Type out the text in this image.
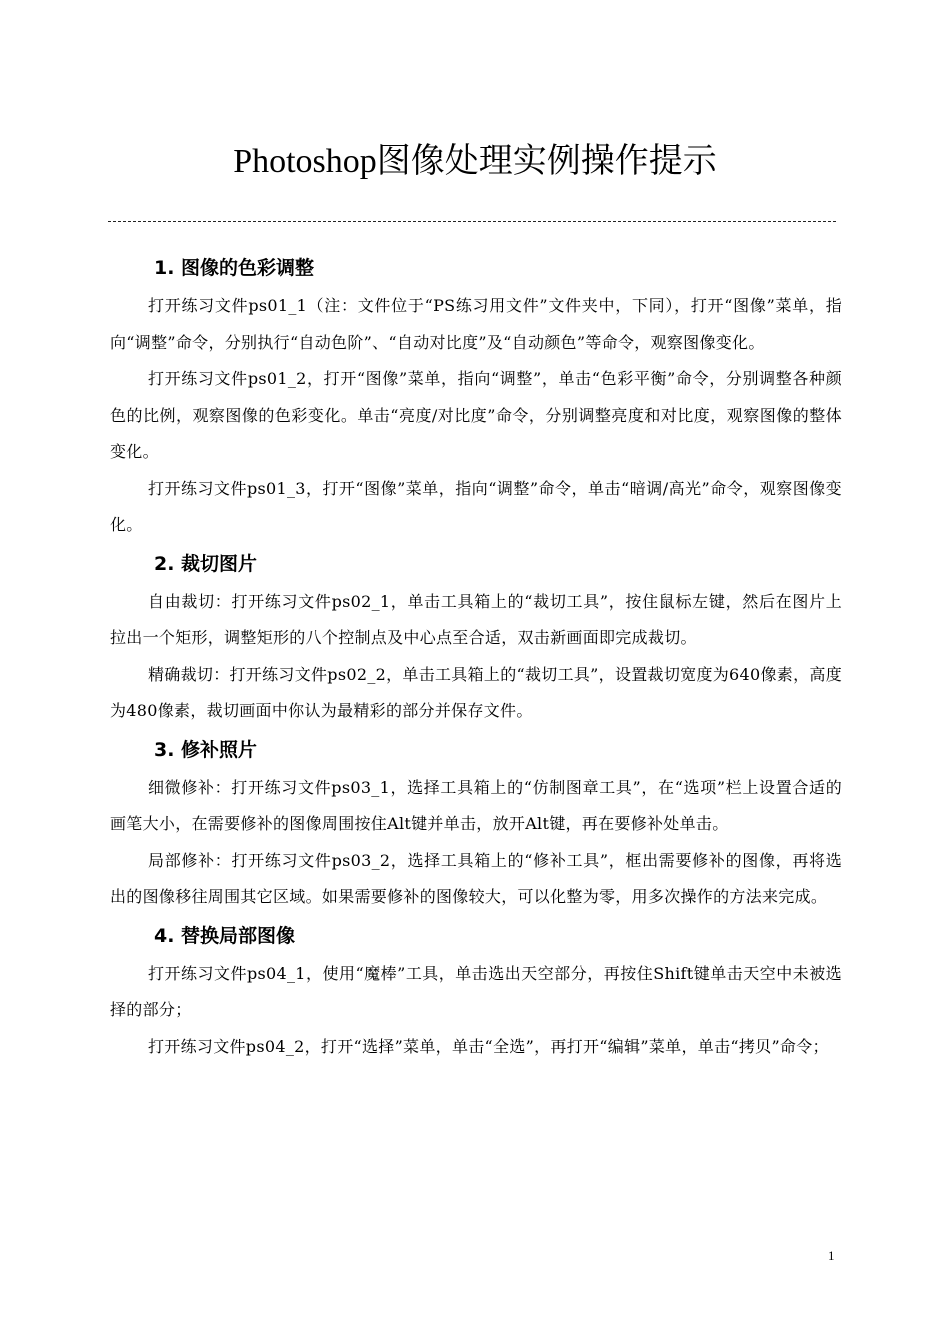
Photoshop图像处理实例操作提示
1. 图像的色彩调整

打开练习文件ps01_1（注：文件位于“PS练习用文件”文件夹中，下同），打开“图像”菜单，指向“调整”命令，分别执行“自动色阶”、“自动对比度”及“自动颜色”等命令，观察图像变化。

打开练习文件ps01_2，打开“图像”菜单，指向“调整”，单击“色彩平衡”命令，分别调整各种颜色的比例，观察图像的色彩变化。单击“亮度/对比度”命令，分别调整亮度和对比度，观察图像的整体变化。

打开练习文件ps01_3，打开“图像”菜单，指向“调整”命令，单击“暗调/高光”命令，观察图像变化。

2. 裁切图片

自由裁切：打开练习文件ps02_1，单击工具箱上的“裁切工具”，按住鼠标左键，然后在图片上拉出一个矩形，调整矩形的八个控制点及中心点至合适，双击新画面即完成裁切。

精确裁切：打开练习文件ps02_2，单击工具箱上的“裁切工具”，设置裁切宽度为640像素，高度为480像素，裁切画面中你认为最精彩的部分并保存文件。

3. 修补照片

细微修补：打开练习文件ps03_1，选择工具箱上的“仿制图章工具”，在“选项”栏上设置合适的画笔大小，在需要修补的图像周围按住Alt键并单击，放开Alt键，再在要修补处单击。

局部修补：打开练习文件ps03_2，选择工具箱上的“修补工具”，框出需要修补的图像，再将选出的图像移往周围其它区域。如果需要修补的图像较大，可以化整为零，用多次操作的方法来完成。

4. 替换局部图像

打开练习文件ps04_1，使用“魔棒”工具，单击选出天空部分，再按住Shift键单击天空中未被选择的部分；

打开练习文件ps04_2，打开“选择”菜单，单击“全选”，再打开“编辑”菜单，单击“拷贝”命令；

1
